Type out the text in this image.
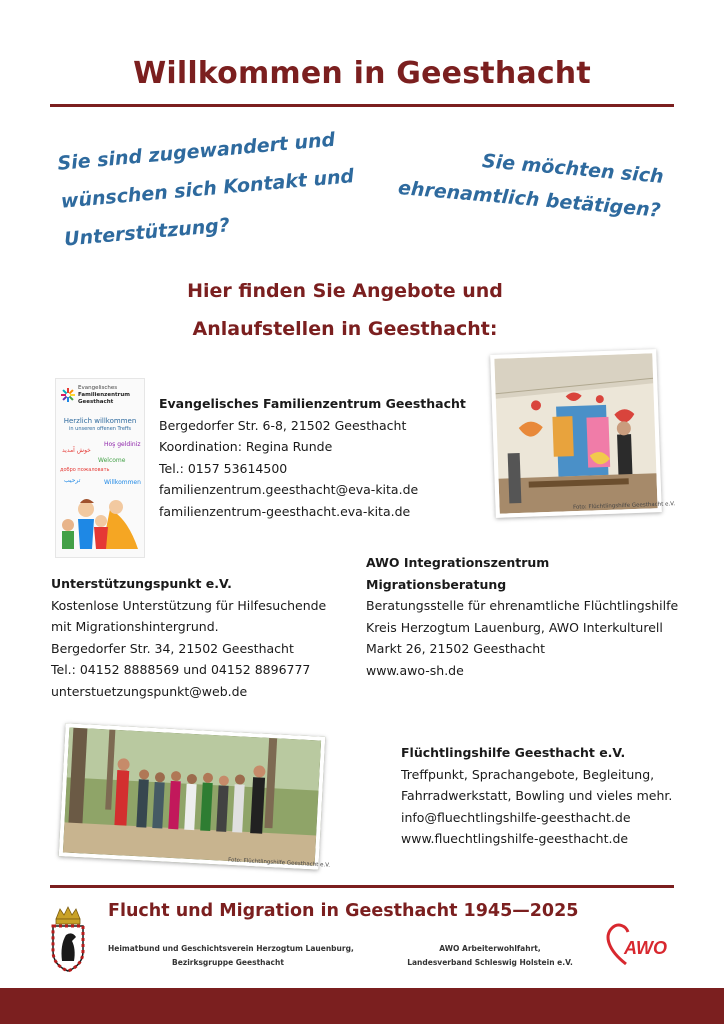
Willkommen in Geesthacht
Sie sind zugewandert und
wünschen sich Kontakt und
Unterstützung?
Sie möchten sich
ehrenamtlich betätigen?
Hier finden Sie Angebote und
Anlaufstellen in Geesthacht:
Evangelisches
Familienzentrum
Geesthacht
Herzlich willkommen
in unseren offenen Treffs
Hoş geldiniz
خوش آمدید
Welcome
добро пожаловать
ترحيب	Willkommen
Evangelisches Familienzentrum Geesthacht
Bergedorfer Str. 6-8, 21502 Geesthacht
Koordination: Regina Runde
Tel.: 0157 53614500
familienzentrum.geesthacht@eva-kita.de
familienzentrum-geesthacht.eva-kita.de	Foto: Flüchtlingshilfe Geesthacht e.V.
AWO Integrationszentrum
Migrationsberatung
Beratungsstelle für ehrenamtliche Flüchtlingshilfe
Kreis Herzogtum Lauenburg, AWO Interkulturell
Markt 26, 21502 Geesthacht
www.awo-sh.de
Unterstützungspunkt e.V.
Kostenlose Unterstützung für Hilfesuchende
mit Migrationshintergrund.
Bergedorfer Str. 34, 21502 Geesthacht
Tel.: 04152 8888569 und 04152 8896777
unterstuetzungspunkt@web.de
Foto: Flüchtlingshilfe Geesthacht e.V.
Flüchtlingshilfe Geesthacht e.V.
Treffpunkt, Sprachangebote, Begleitung,
Fahrradwerkstatt, Bowling und vieles mehr.
info@fluechtlingshilfe-geesthacht.de
www.fluechtlingshilfe-geesthacht.de
Flucht und Migration in Geesthacht 1945—2025
Heimatbund und Geschichtsverein Herzogtum Lauenburg,
Bezirksgruppe Geesthacht
AWO Arbeiterwohlfahrt,
Landesverband Schleswig Holstein e.V.
AWO
